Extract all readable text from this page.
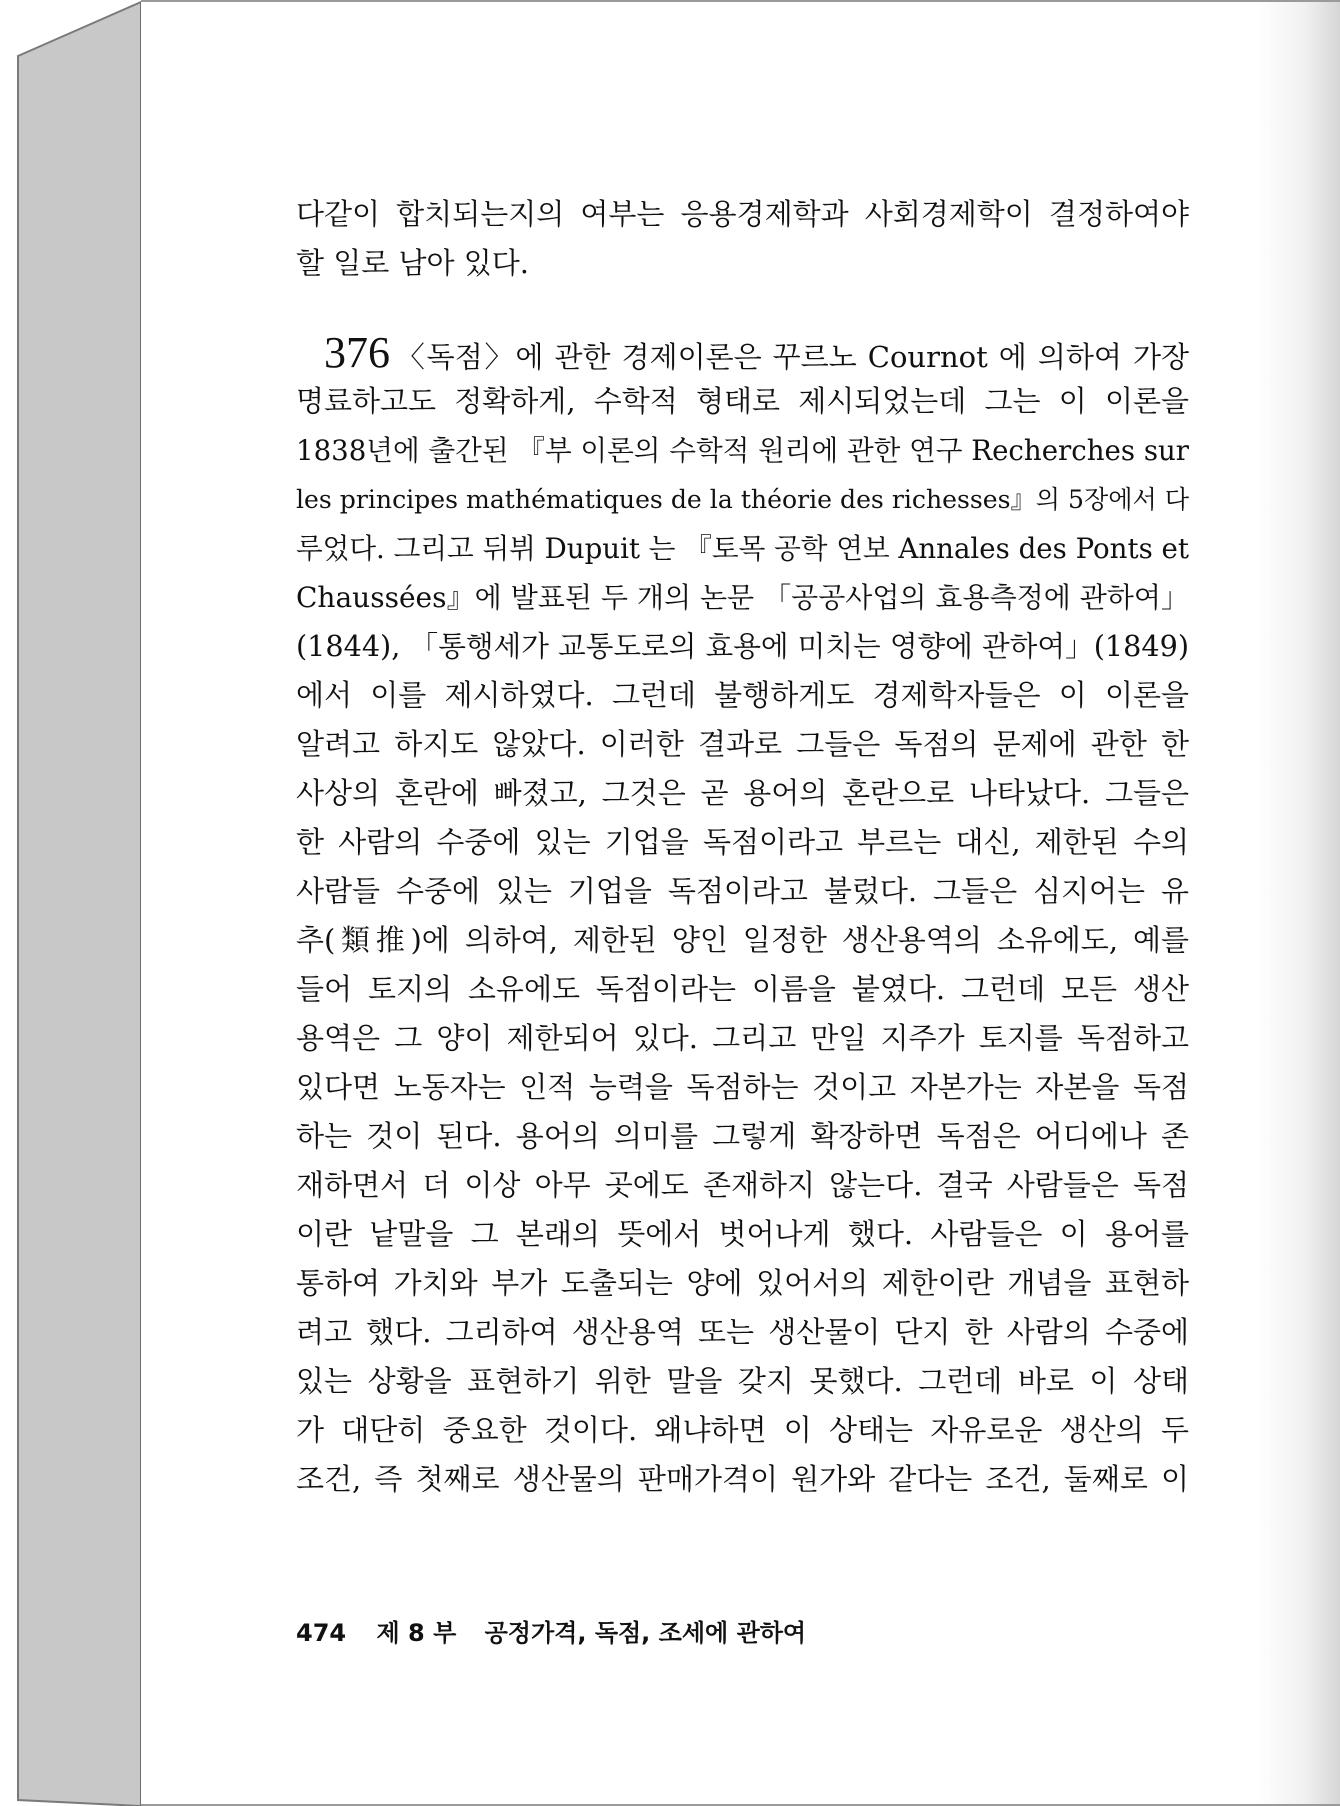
다같이 합치되는지의 여부는 응용경제학과 사회경제학이 결정하여야
할 일로 남아 있다.
376 〈독점〉에 관한 경제이론은 꾸르노 Cournot 에 의하여 가장
명료하고도 정확하게, 수학적 형태로 제시되었는데 그는 이 이론을
1838년에 출간된 『부 이론의 수학적 원리에 관한 연구 Recherches sur
les principes mathématiques de la théorie des richesses』의 5장에서 다
루었다. 그리고 뒤뷔 Dupuit 는 『토목 공학 연보 Annales des Ponts et
Chaussées』에 발표된 두 개의 논문 「공공사업의 효용측정에 관하여」
(1844), 「통행세가 교통도로의 효용에 미치는 영향에 관하여」(1849)
에서 이를 제시하였다. 그런데 불행하게도 경제학자들은 이 이론을
알려고 하지도 않았다. 이러한 결과로 그들은 독점의 문제에 관한 한
사상의 혼란에 빠졌고, 그것은 곧 용어의 혼란으로 나타났다. 그들은
한 사람의 수중에 있는 기업을 독점이라고 부르는 대신, 제한된 수의
사람들 수중에 있는 기업을 독점이라고 불렀다. 그들은 심지어는 유
추(類推)에 의하여, 제한된 양인 일정한 생산용역의 소유에도, 예를
들어 토지의 소유에도 독점이라는 이름을 붙였다. 그런데 모든 생산
용역은 그 양이 제한되어 있다. 그리고 만일 지주가 토지를 독점하고
있다면 노동자는 인적 능력을 독점하는 것이고 자본가는 자본을 독점
하는 것이 된다. 용어의 의미를 그렇게 확장하면 독점은 어디에나 존
재하면서 더 이상 아무 곳에도 존재하지 않는다. 결국 사람들은 독점
이란 낱말을 그 본래의 뜻에서 벗어나게 했다. 사람들은 이 용어를
통하여 가치와 부가 도출되는 양에 있어서의 제한이란 개념을 표현하
려고 했다. 그리하여 생산용역 또는 생산물이 단지 한 사람의 수중에
있는 상황을 표현하기 위한 말을 갖지 못했다. 그런데 바로 이 상태
가 대단히 중요한 것이다. 왜냐하면 이 상태는 자유로운 생산의 두
조건, 즉 첫째로 생산물의 판매가격이 원가와 같다는 조건, 둘째로 이
474 제 8 부 공정가격, 독점, 조세에 관하여
